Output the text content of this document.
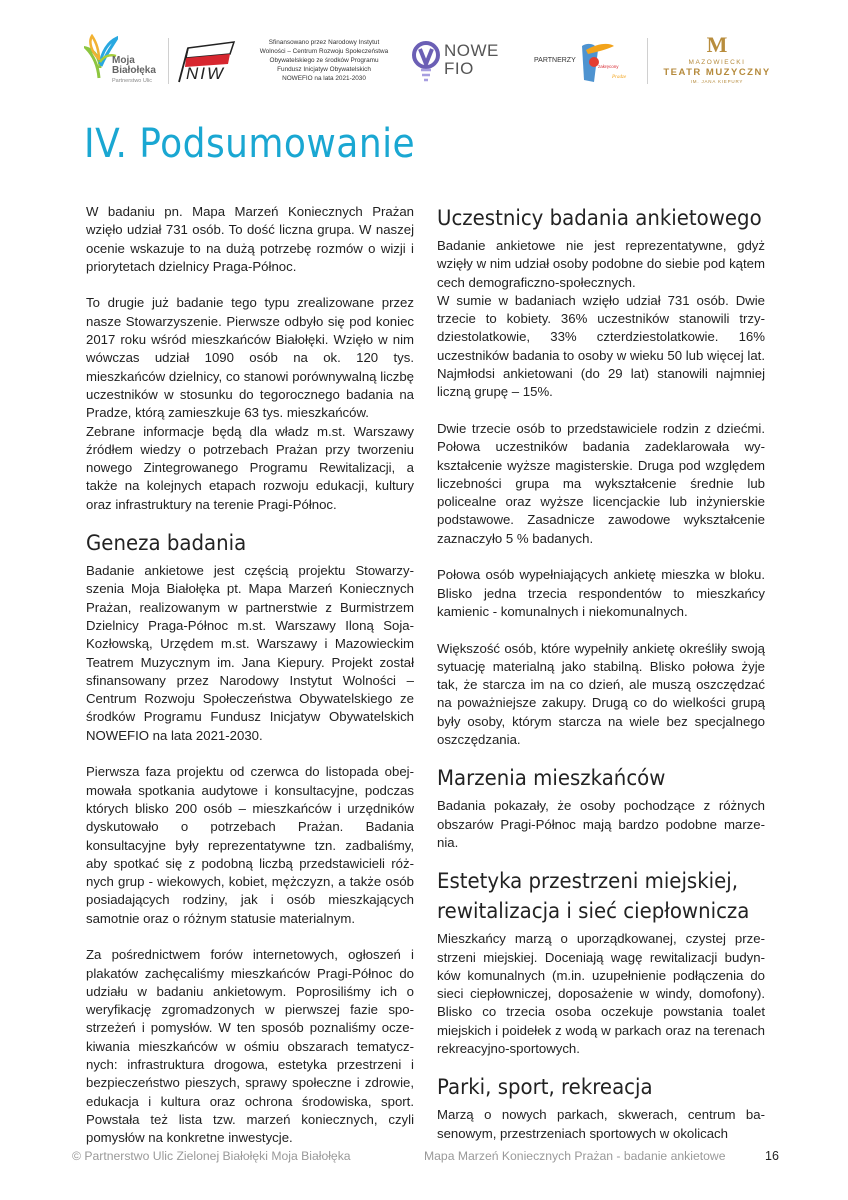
Moja
Białołęka
Partnerstwo Ulic NIW
Sfinansowano przez Narodowy Instytut
Wolności – Centrum Rozwoju Społeczeństwa
Obywatelskiego ze środków Programu
Fundusz Inicjatyw Obywatelskich
NOWEFIO na lata 2021-2030
NOWE
FIO	PARTNERZY
zakręcony
Pradze
M
MAZOWIECKI
TEATR MUZYCZNY
IM. JANA KIEPURY
IV. Podsumowanie

W badaniu pn. Mapa Marzeń Koniecznych Prażan wzięło udział 731 osób. To dość liczna grupa. W naszej ocenie wskazuje to na dużą potrzebę rozmów o wizji i priorytetach dzielnicy Praga-Północ.

To drugie już badanie tego typu zrealizowane przez nasze Stowarzyszenie. Pierwsze odbyło się pod koniec 2017 roku wśród mieszkańców Białołęki. Wzięło w nim wówczas udział 1090 osób na ok. 120 tys. mieszkańców dzielnicy, co stanowi porównywalną liczbę uczestników w stosunku do tegorocznego badania na Pradze, którą zamieszkuje 63 tys. mieszkańców.

Zebrane informacje będą dla władz m.st. Warszawy źródłem wiedzy o potrzebach Prażan przy tworzeniu nowego Zintegrowanego Programu Rewitalizacji, a także na kolejnych etapach rozwoju edukacji, kultury oraz infrastruktury na terenie Pragi-Północ.

Geneza badania

Badanie ankietowe jest częścią projektu Stowarzyszenia Moja Białołęka pt. Mapa Marzeń Koniecznych Prażan, realizowanym w partnerstwie z Burmistrzem Dzielnicy Praga-Północ m.st. Warszawy Iloną Soja-Kozłowską, Urzędem m.st. Warszawy i Mazowieckim Teatrem Muzycznym im. Jana Kiepury. Projekt został sfinansowany przez Narodowy Instytut Wolności – Centrum Rozwoju Społeczeństwa Obywatelskiego ze środków Programu Fundusz Inicjatyw Obywatelskich NOWEFIO na lata 2021-2030.

Pierwsza faza projektu od czerwca do listopada obejmowała spotkania audytowe i konsultacyjne, podczas których blisko 200 osób – mieszkańców i urzędników dyskutowało o potrzebach Prażan. Badania konsultacyjne były reprezentatywne tzn. zadbaliśmy, aby spotkać się z podobną liczbą przedstawicieli różnych grup - wiekowych, kobiet, mężczyzn, a także osób posiadających rodziny, jak i osób mieszkających samotnie oraz o różnym statusie materialnym.

Za pośrednictwem forów internetowych, ogłoszeń i plakatów zachęcaliśmy mieszkańców Pragi-Północ do udziału w badaniu ankietowym. Poprosiliśmy ich o weryfikację zgromadzonych w pierwszej fazie spostrzeżeń i pomysłów. W ten sposób poznaliśmy oczekiwania mieszkańców w ośmiu obszarach tematycznych: infrastruktura drogowa, estetyka przestrzeni i bezpieczeństwo pieszych, sprawy społeczne i zdrowie, edukacja i kultura oraz ochrona środowiska, sport. Powstała też lista tzw. marzeń koniecznych, czyli pomysłów na konkretne inwestycje.

Uczestnicy badania ankietowego

Badanie ankietowe nie jest reprezentatywne, gdyż wzięły w nim udział osoby podobne do siebie pod kątem cech demograficzno-społecznych.

W sumie w badaniach wzięło udział 731 osób. Dwie trzecie to kobiety. 36% uczestników stanowili trzydziestolatkowie, 33% czterdziestolatkowie. 16% uczestników badania to osoby w wieku 50 lub więcej lat. Najmłodsi ankietowani (do 29 lat) stanowili najmniej liczną grupę – 15%.

Dwie trzecie osób to przedstawiciele rodzin z dziećmi. Połowa uczestników badania zadeklarowała wykształcenie wyższe magisterskie. Druga pod względem liczebności grupa ma wykształcenie średnie lub policealne oraz wyższe licencjackie lub inżynierskie podstawowe. Zasadnicze zawodowe wykształcenie zaznaczyło 5 % badanych.

Połowa osób wypełniających ankietę mieszka w bloku. Blisko jedna trzecia respondentów to mieszkańcy kamienic - komunalnych i niekomunalnych.

Większość osób, które wypełniły ankietę określiły swoją sytuację materialną jako stabilną. Blisko połowa żyje tak, że starcza im na co dzień, ale muszą oszczędzać na poważniejsze zakupy. Drugą co do wielkości grupą były osoby, którym starcza na wiele bez specjalnego oszczędzania.

Marzenia mieszkańców

Badania pokazały, że osoby pochodzące z różnych obszarów Pragi-Północ mają bardzo podobne marzenia.

Estetyka przestrzeni miejskiej, rewitalizacja i sieć ciepłownicza

Mieszkańcy marzą o uporządkowanej, czystej przestrzeni miejskiej. Doceniają wagę rewitalizacji budynków komunalnych (m.in. uzupełnienie podłączenia do sieci ciepłowniczej, doposażenie w windy, domofony). Blisko co trzecia osoba oczekuje powstania toalet miejskich i poidełek z wodą w parkach oraz na terenach rekreacyjno-sportowych.

Parki, sport, rekreacja

Marzą o nowych parkach, skwerach, centrum basenowym, przestrzeniach sportowych w okolicach

© Partnerstwo Ulic Zielonej Białołęki Moja Białołęka	Mapa Marzeń Koniecznych Prażan - badanie ankietowe	16
